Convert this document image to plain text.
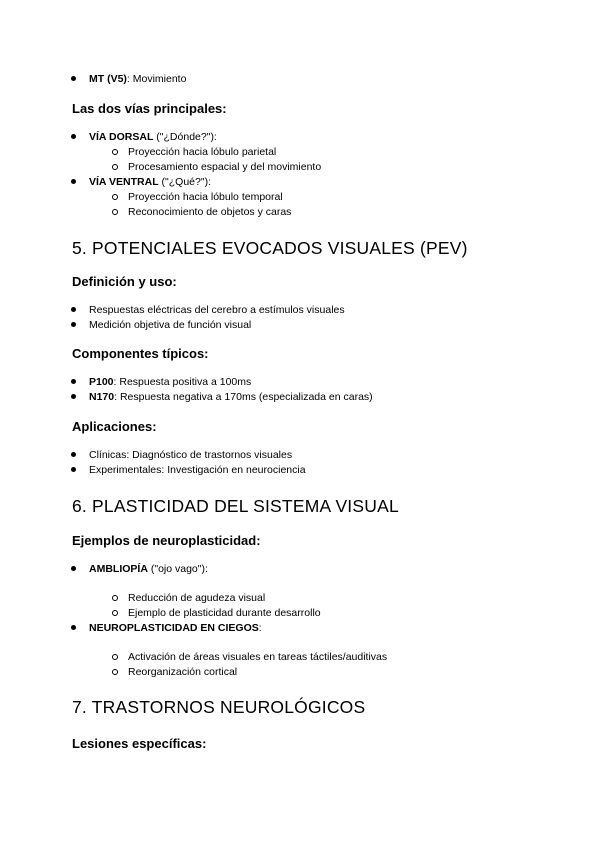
MT (V5): Movimiento
Las dos vías principales:
VÍA DORSAL ("¿Dónde?"):
Proyección hacia lóbulo parietal
Procesamiento espacial y del movimiento
VÍA VENTRAL ("¿Qué?"):
Proyección hacia lóbulo temporal
Reconocimiento de objetos y caras
5. POTENCIALES EVOCADOS VISUALES (PEV)
Definición y uso:
Respuestas eléctricas del cerebro a estímulos visuales
Medición objetiva de función visual
Componentes típicos:
P100: Respuesta positiva a 100ms
N170: Respuesta negativa a 170ms (especializada en caras)
Aplicaciones:
Clínicas: Diagnóstico de trastornos visuales
Experimentales: Investigación en neurociencia
6. PLASTICIDAD DEL SISTEMA VISUAL
Ejemplos de neuroplasticidad:
AMBLIOPÍA ("ojo vago"):
Reducción de agudeza visual
Ejemplo de plasticidad durante desarrollo
NEUROPLASTICIDAD EN CIEGOS:
Activación de áreas visuales en tareas táctiles/auditivas
Reorganización cortical
7. TRASTORNOS NEUROLÓGICOS
Lesiones específicas:
